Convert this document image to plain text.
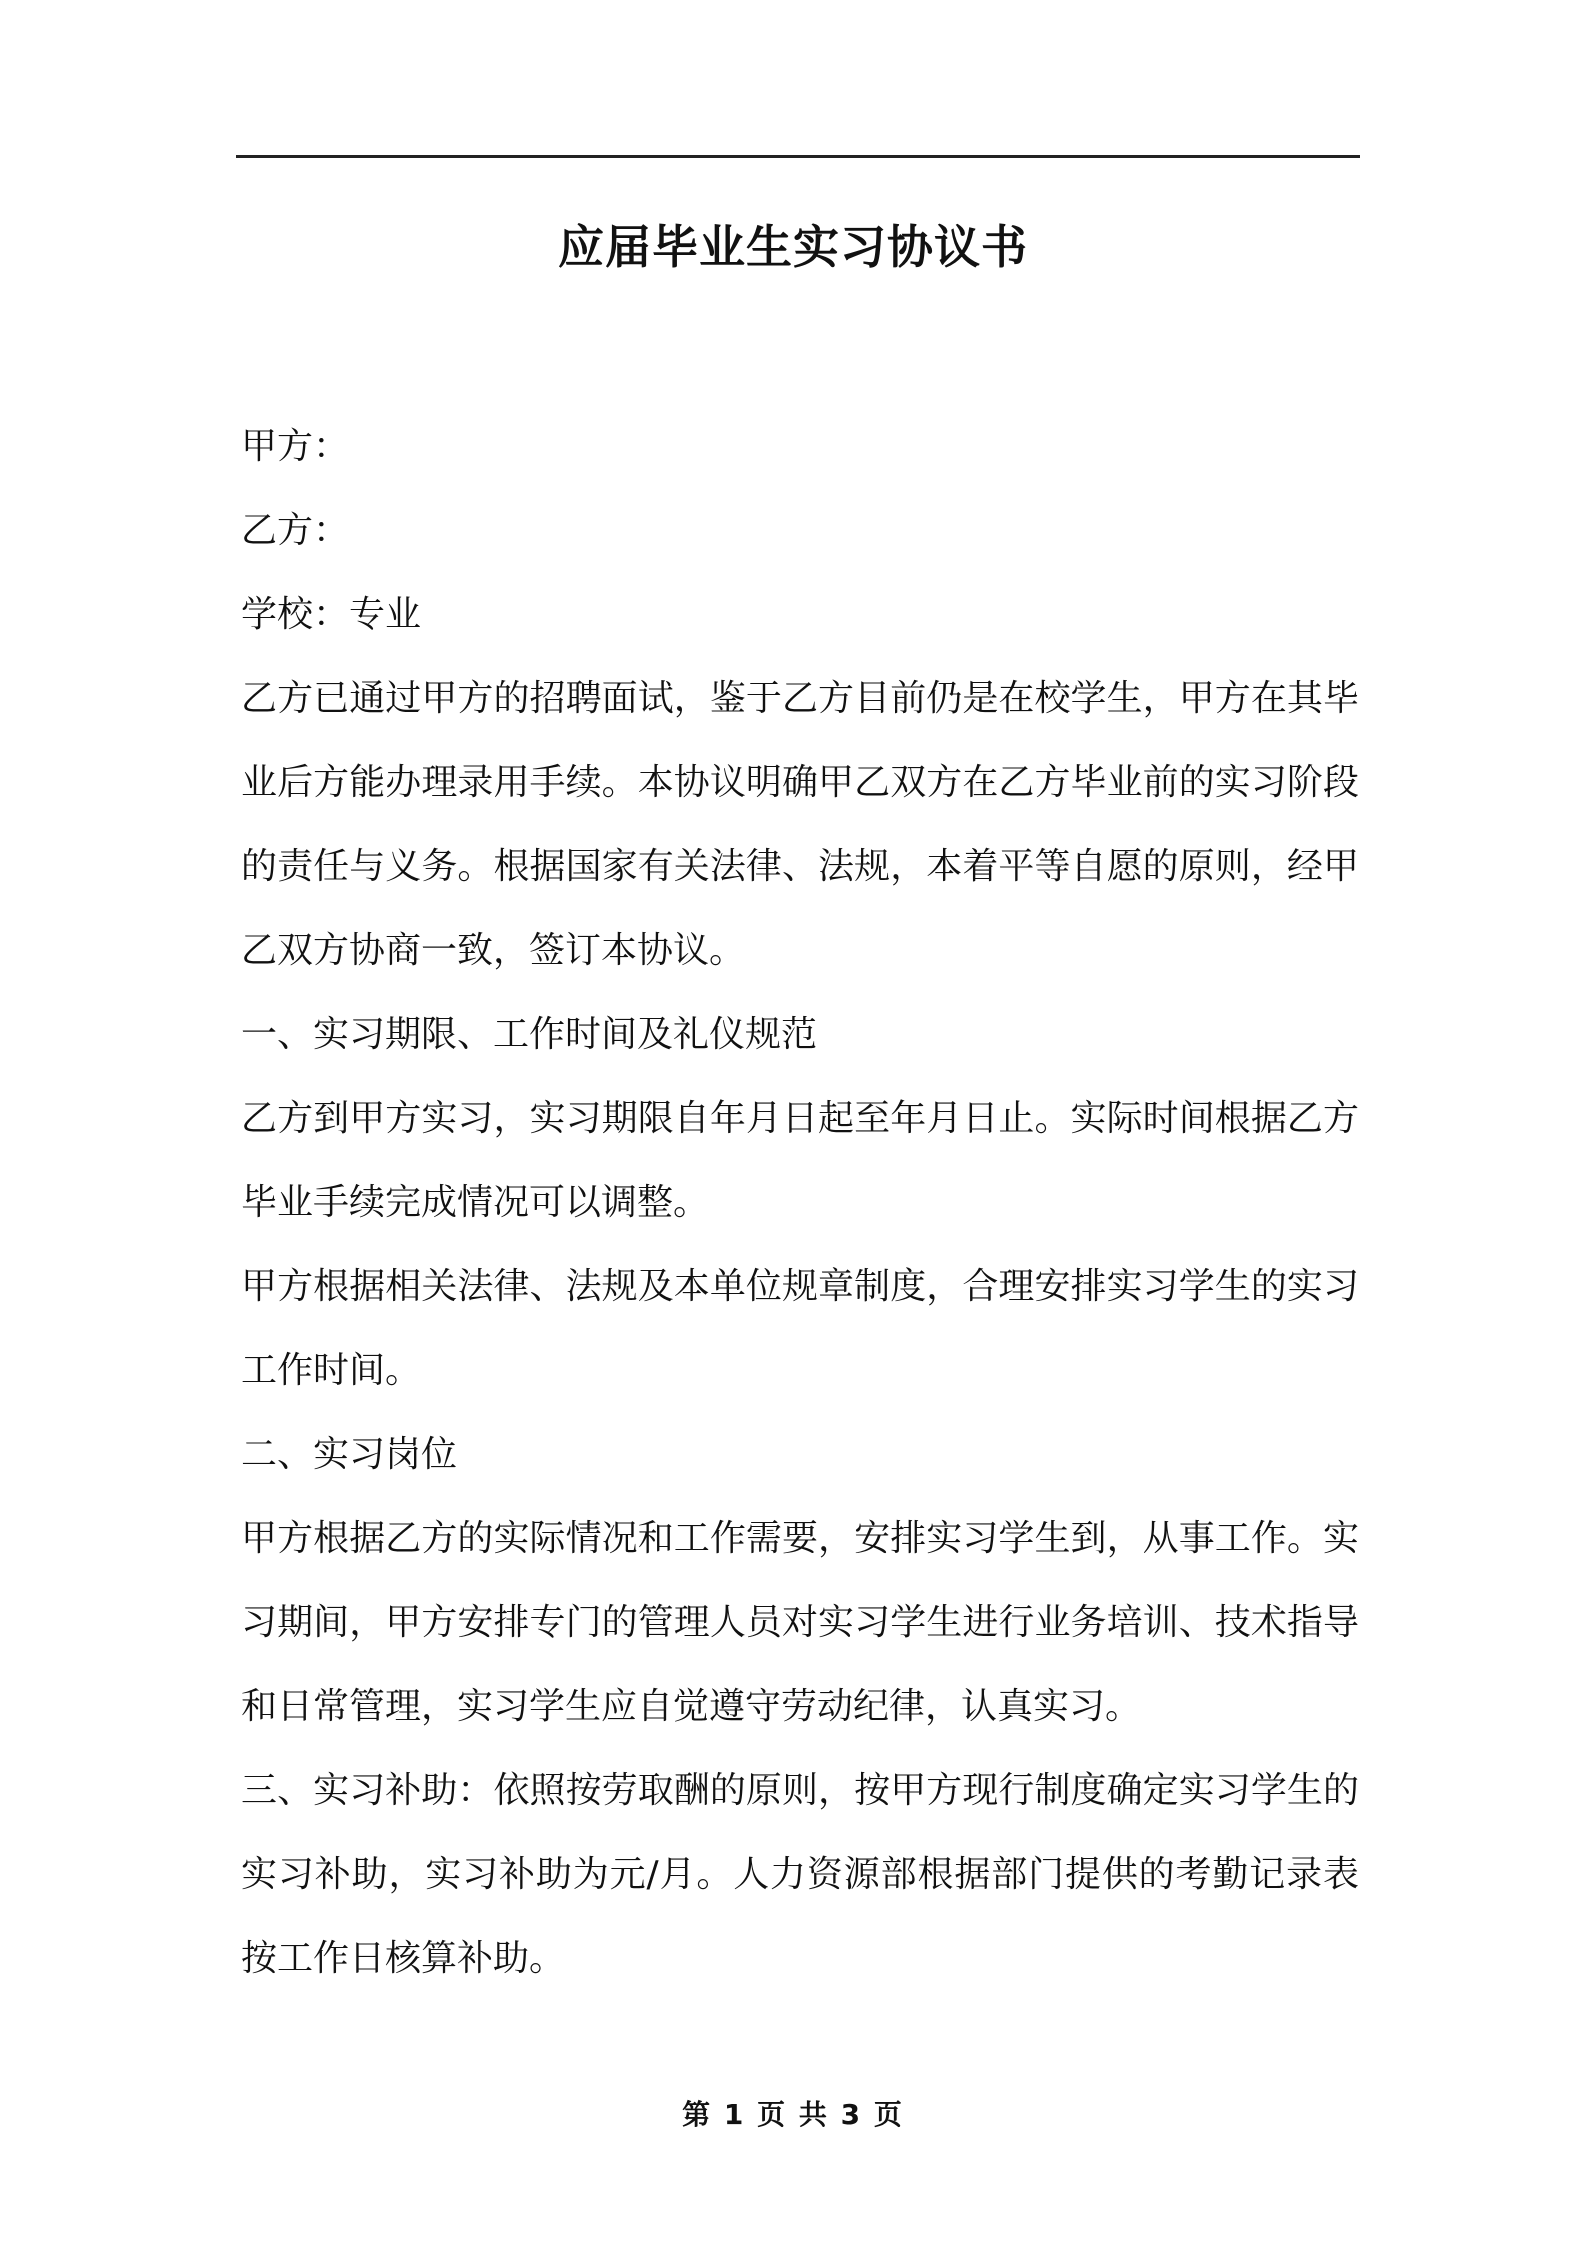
应届毕业生实习协议书

甲方：

乙方：

学校：专业

乙方已通过甲方的招聘面试，鉴于乙方目前仍是在校学生，甲方在其毕业后方能办理录用手续。本协议明确甲乙双方在乙方毕业前的实习阶段的责任与义务。根据国家有关法律、法规，本着平等自愿的原则，经甲乙双方协商一致，签订本协议。

一、实习期限、工作时间及礼仪规范

乙方到甲方实习，实习期限自年月日起至年月日止。实际时间根据乙方毕业手续完成情况可以调整。

甲方根据相关法律、法规及本单位规章制度，合理安排实习学生的实习工作时间。

二、实习岗位

甲方根据乙方的实际情况和工作需要，安排实习学生到，从事工作。实习期间，甲方安排专门的管理人员对实习学生进行业务培训、技术指导和日常管理，实习学生应自觉遵守劳动纪律，认真实习。

三、实习补助：依照按劳取酬的原则，按甲方现行制度确定实习学生的实习补助，实习补助为元/月。人力资源部根据部门提供的考勤记录表按工作日核算补助。

第 1 页 共 3 页
